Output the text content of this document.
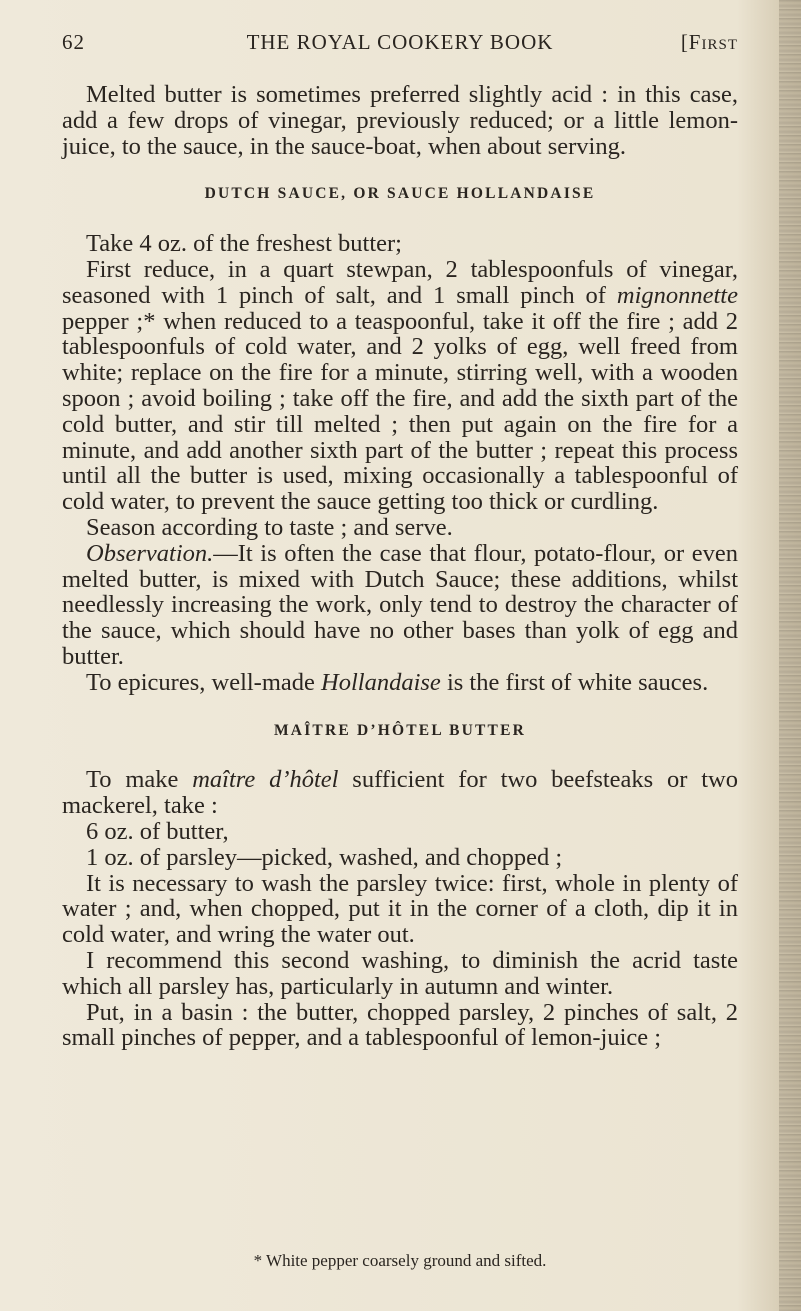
62	THE ROYAL COOKERY BOOK	[First

Melted butter is sometimes preferred slightly acid : in this case, add a few drops of vinegar, previously reduced; or a little lemon-juice, to the sauce, in the sauce-boat, when about serving.

DUTCH SAUCE, OR SAUCE HOLLANDAISE

Take 4 oz. of the freshest butter;

First reduce, in a quart stewpan, 2 tablespoonfuls of vinegar, seasoned with 1 pinch of salt, and 1 small pinch of mignonnette pepper ;* when reduced to a teaspoonful, take it off the fire ; add 2 tablespoonfuls of cold water, and 2 yolks of egg, well freed from white; replace on the fire for a minute, stirring well, with a wooden spoon ; avoid boiling ; take off the fire, and add the sixth part of the cold butter, and stir till melted ; then put again on the fire for a minute, and add another sixth part of the butter ; repeat this process until all the butter is used, mixing occasionally a tablespoonful of cold water, to prevent the sauce getting too thick or curdling.

Season according to taste ; and serve.

Observation.—It is often the case that flour, potato-flour, or even melted butter, is mixed with Dutch Sauce; these additions, whilst needlessly increasing the work, only tend to destroy the character of the sauce, which should have no other bases than yolk of egg and butter.

To epicures, well-made Hollandaise is the first of white sauces.

MAÎTRE D’HÔTEL BUTTER

To make maître d’hôtel sufficient for two beefsteaks or two mackerel, take :

6 oz. of butter,
1 oz. of parsley—picked, washed, and chopped ;

It is necessary to wash the parsley twice: first, whole in plenty of water ; and, when chopped, put it in the corner of a cloth, dip it in cold water, and wring the water out.

I recommend this second washing, to diminish the acrid taste which all parsley has, particularly in autumn and winter.

Put, in a basin : the butter, chopped parsley, 2 pinches of salt, 2 small pinches of pepper, and a tablespoonful of lemon-juice ;

* White pepper coarsely ground and sifted.
